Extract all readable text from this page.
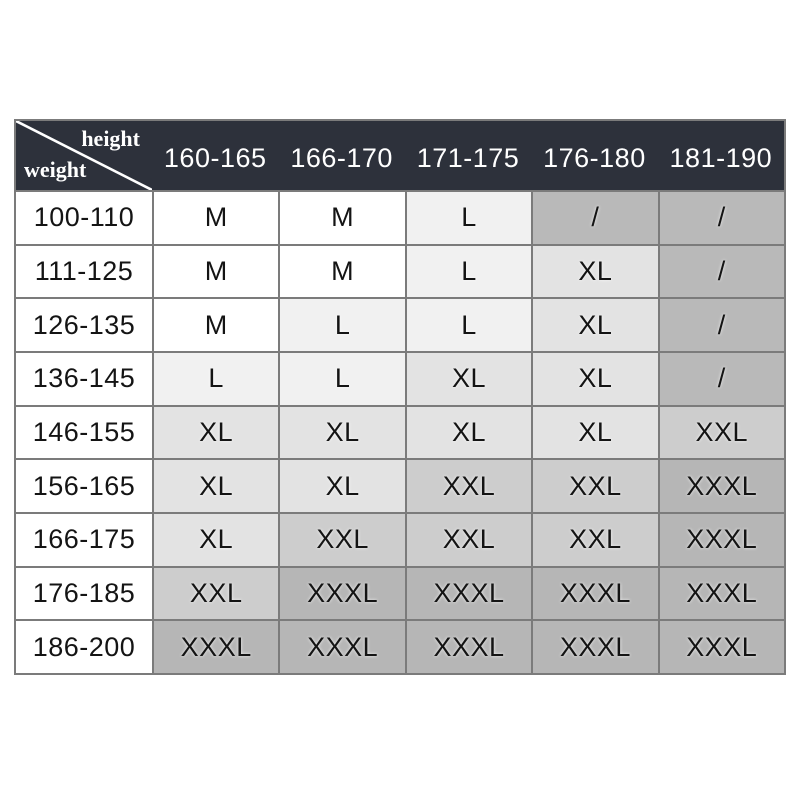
height
weight	160-165 166-170 171-175 176-180 181-190
100-110	M	M	L	/	/
111-125	M	M	L	XL	/
126-135	M	L	L	XL	/
136-145	L	L	XL	XL	/
146-155	XL	XL	XL	XL	XXL
156-165	XL	XL	XXL	XXL	XXXL
166-175	XL	XXL	XXL	XXL	XXXL
176-185	XXL	XXXL	XXXL	XXXL	XXXL
186-200	XXXL	XXXL	XXXL	XXXL	XXXL
